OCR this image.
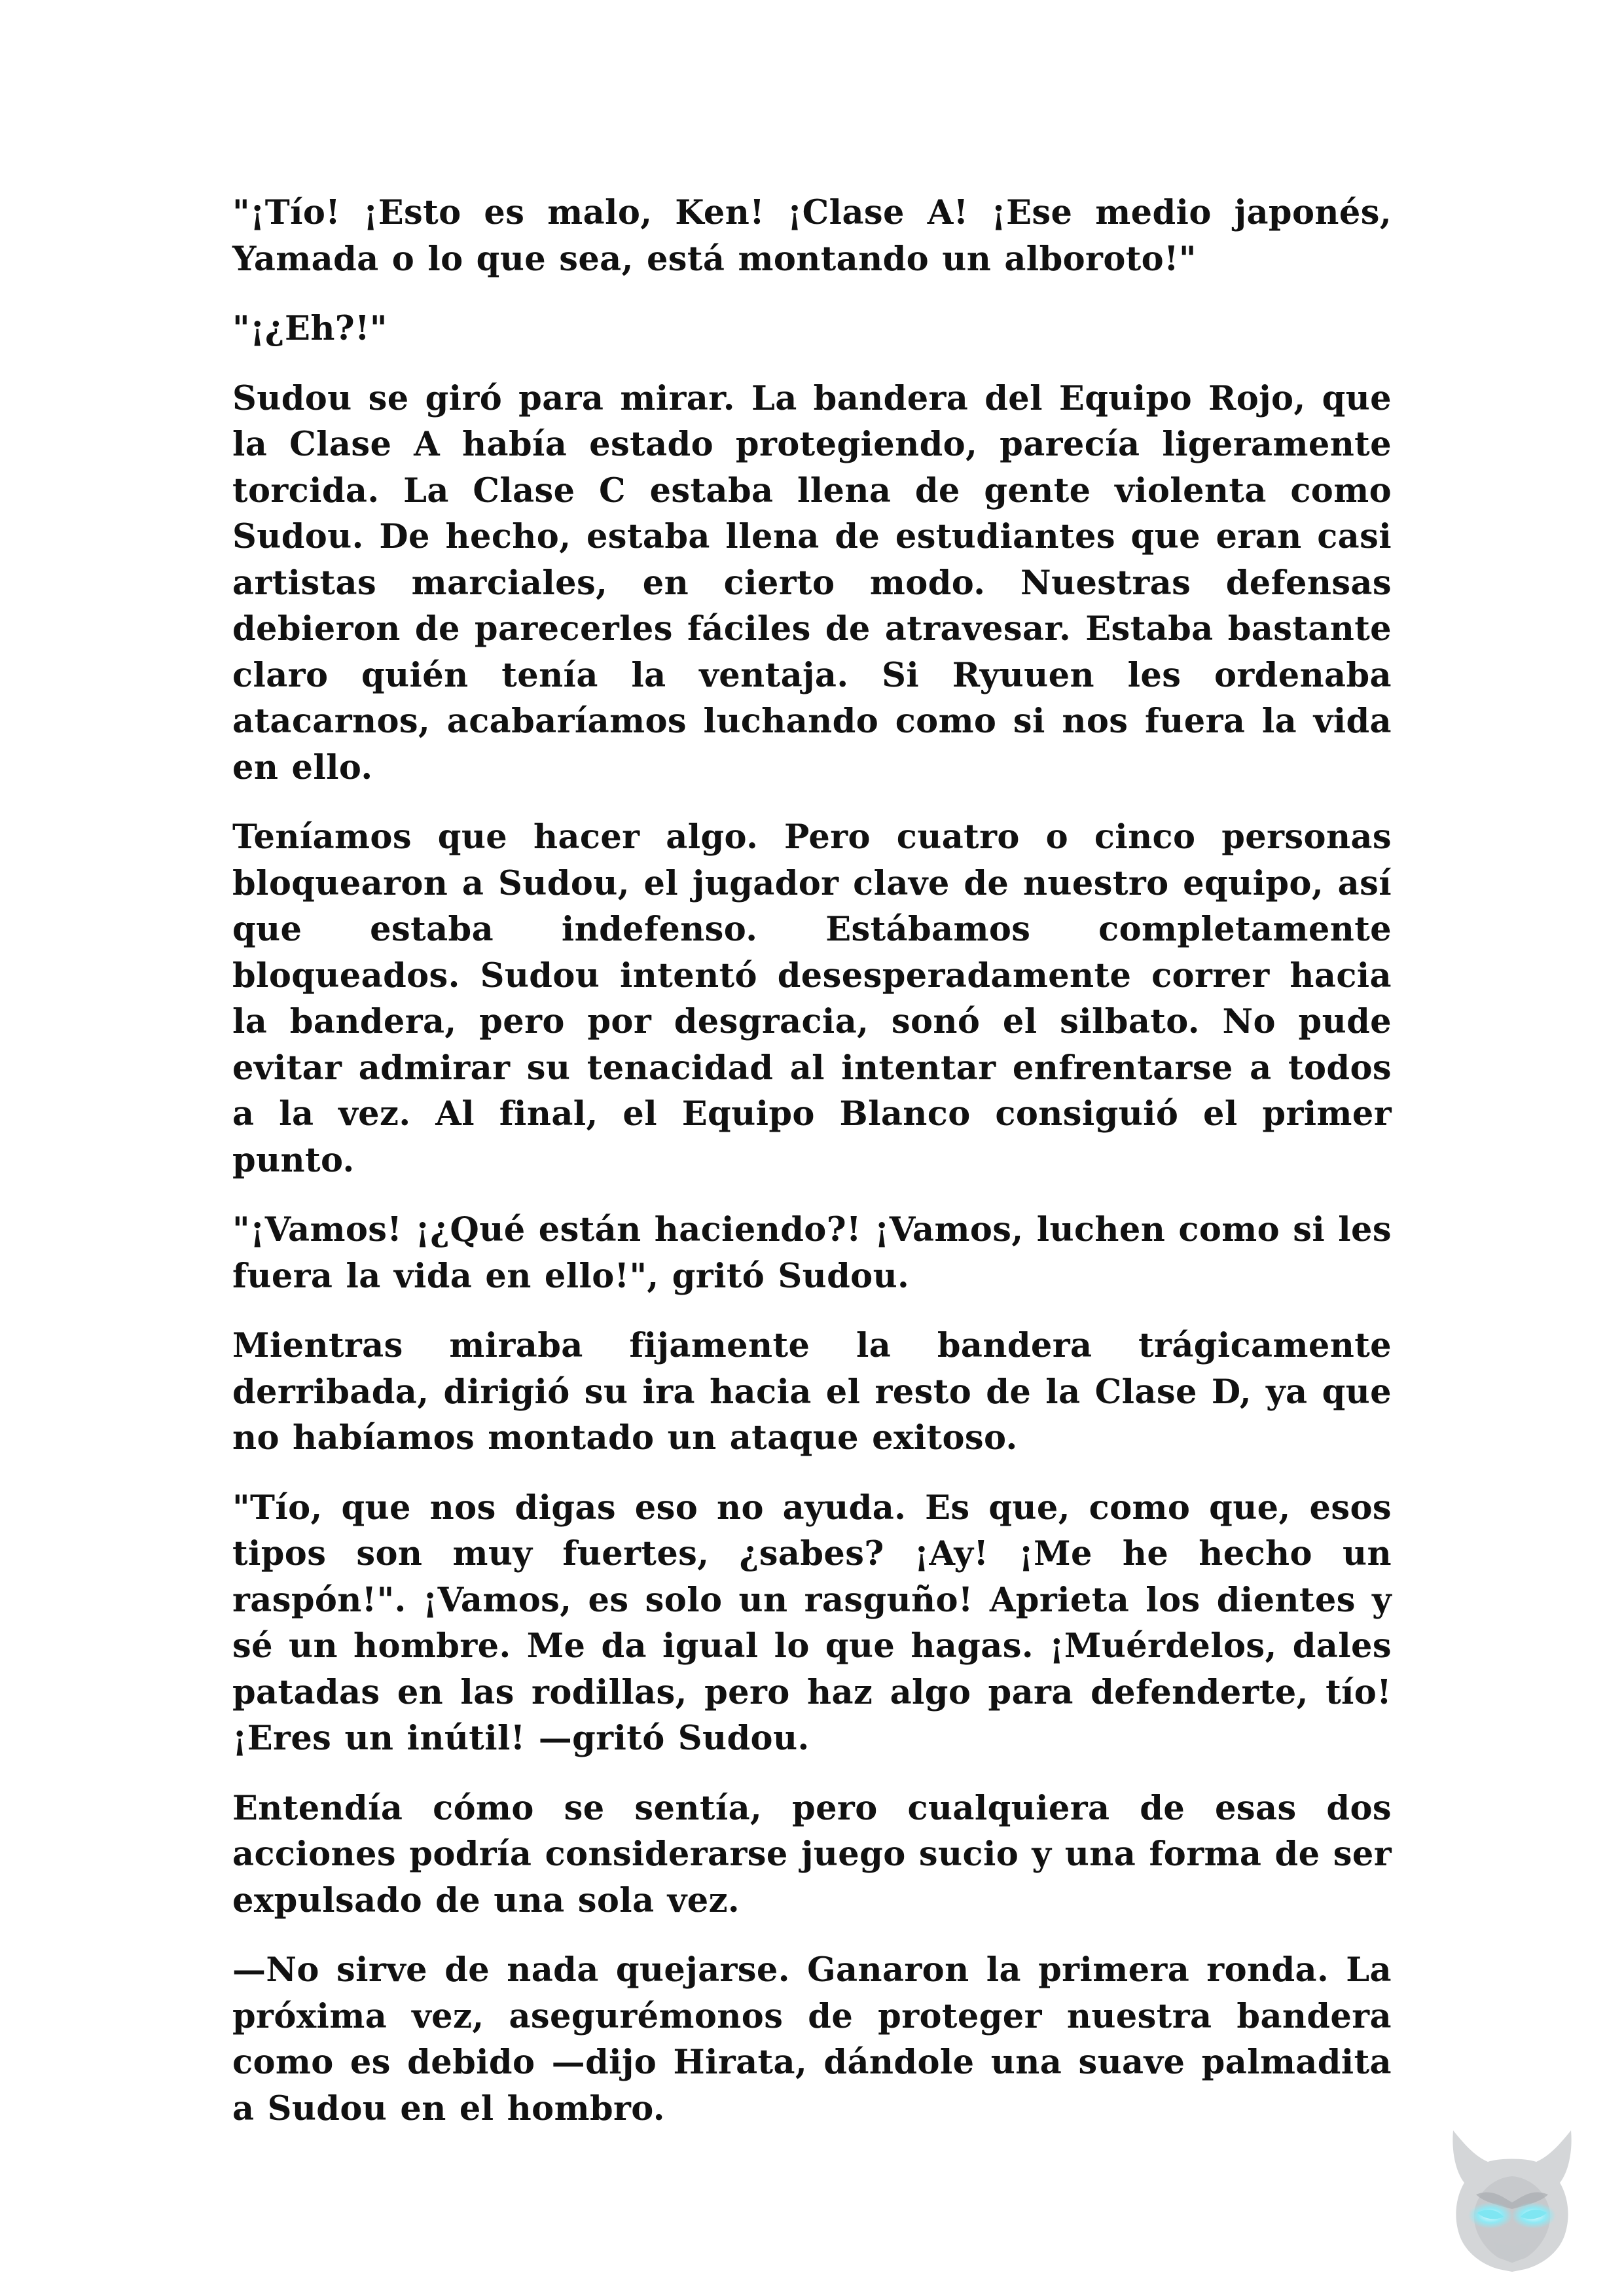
"¡Tío! ¡Esto es malo, Ken! ¡Clase A! ¡Ese medio japonés, Yamada o lo que sea, está montando un alboroto!"

"¡¿Eh?!"

Sudou se giró para mirar. La bandera del Equipo Rojo, que la Clase A había estado protegiendo, parecía ligeramente torcida. La Clase C estaba llena de gente violenta como Sudou. De hecho, estaba llena de estudiantes que eran casi artistas marciales, en cierto modo. Nuestras defensas debieron de parecerles fáciles de atravesar. Estaba bastante claro quién tenía la ventaja. Si Ryuuen les ordenaba atacarnos, acabaríamos luchando como si nos fuera la vida en ello.

Teníamos que hacer algo. Pero cuatro o cinco personas bloquearon a Sudou, el jugador clave de nuestro equipo, así que estaba indefenso. Estábamos completamente bloqueados. Sudou intentó desesperadamente correr hacia la bandera, pero por desgracia, sonó el silbato. No pude evitar admirar su tenacidad al intentar enfrentarse a todos a la vez. Al final, el Equipo Blanco consiguió el primer punto.

"¡Vamos! ¡¿Qué están haciendo?! ¡Vamos, luchen como si les fuera la vida en ello!", gritó Sudou.

Mientras miraba fijamente la bandera trágicamente derribada, dirigió su ira hacia el resto de la Clase D, ya que no habíamos montado un ataque exitoso.

"Tío, que nos digas eso no ayuda. Es que, como que, esos tipos son muy fuertes, ¿sabes? ¡Ay! ¡Me he hecho un raspón!". ¡Vamos, es solo un rasguño! Aprieta los dientes y sé un hombre. Me da igual lo que hagas. ¡Muérdelos, dales patadas en las rodillas, pero haz algo para defenderte, tío! ¡Eres un inútil! —gritó Sudou.

Entendía cómo se sentía, pero cualquiera de esas dos acciones podría considerarse juego sucio y una forma de ser expulsado de una sola vez.

—No sirve de nada quejarse. Ganaron la primera ronda. La próxima vez, asegurémonos de proteger nuestra bandera como es debido —dijo Hirata, dándole una suave palmadita a Sudou en el hombro.
